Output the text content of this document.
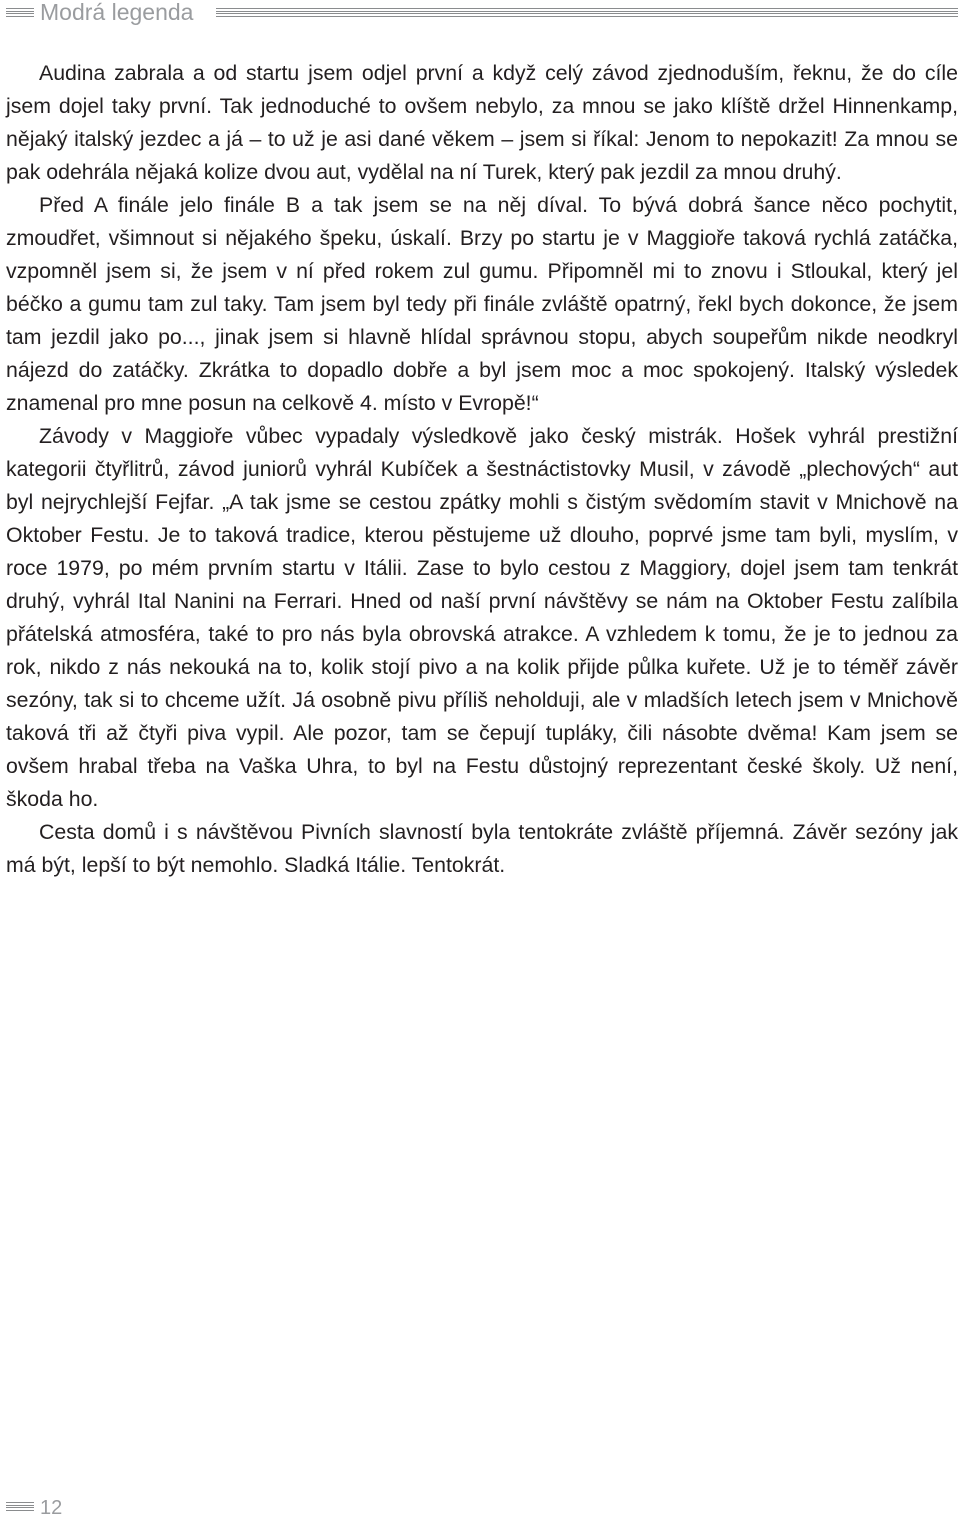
Modrá legenda

Audina zabrala a od startu jsem odjel první a když celý závod zjednoduším, řeknu, že do cíle jsem dojel taky první. Tak jednoduché to ovšem nebylo, za mnou se jako klíště držel Hinnenkamp, nějaký italský jezdec a já – to už je asi dané věkem – jsem si říkal: Jenom to nepokazit! Za mnou se pak odehrála nějaká kolize dvou aut, vydělal na ní Turek, který pak jezdil za mnou druhý.

Před A finále jelo finále B a tak jsem se na něj díval. To bývá dobrá šance něco pochytit, zmoudřet, všimnout si nějakého špeku, úskalí. Brzy po startu je v Maggioře taková rychlá zatáčka, vzpomněl jsem si, že jsem v ní před rokem zul gumu. Připomněl mi to znovu i Stloukal, který jel béčko a gumu tam zul taky. Tam jsem byl tedy při finále zvláště opatrný, řekl bych dokonce, že jsem tam jezdil jako po..., jinak jsem si hlavně hlídal správnou stopu, abych soupeřům nikde neodkryl nájezd do zatáčky. Zkrátka to dopadlo dobře a byl jsem moc a moc spokojený. Italský výsledek znamenal pro mne posun na celkově 4. místo v Evropě!“

Závody v Maggioře vůbec vypadaly výsledkově jako český mistrák. Hošek vyhrál prestižní kategorii čtyřlitrů, závod juniorů vyhrál Kubíček a šestnáctistovky Musil, v závodě „plechových“ aut byl nejrychlejší Fejfar. „A tak jsme se cestou zpátky mohli s čistým svědomím stavit v Mnichově na Oktober Festu. Je to taková tradice, kterou pěstujeme už dlouho, poprvé jsme tam byli, myslím, v roce 1979, po mém prvním startu v Itálii. Zase to bylo cestou z Maggiory, dojel jsem tam tenkrát druhý, vyhrál Ital Nanini na Ferrari. Hned od naší první návštěvy se nám na Oktober Festu zalíbila přátelská atmosféra, také to pro nás byla obrovská atrakce. A vzhledem k tomu, že je to jednou za rok, nikdo z nás nekouká na to, kolik stojí pivo a na kolik přijde půlka kuřete. Už je to téměř závěr sezóny, tak si to chceme užít. Já osobně pivu příliš neholduji, ale v mladších letech jsem v Mnichově taková tři až čtyři piva vypil. Ale pozor, tam se čepují tupláky, čili násobte dvěma! Kam jsem se ovšem hrabal třeba na Vaška Uhra, to byl na Festu důstojný reprezentant české školy. Už není, škoda ho.

Cesta domů i s návštěvou Pivních slavností byla tentokráte zvláště příjemná. Závěr sezóny jak má být, lepší to být nemohlo. Sladká Itálie. Tentokrát.

12
